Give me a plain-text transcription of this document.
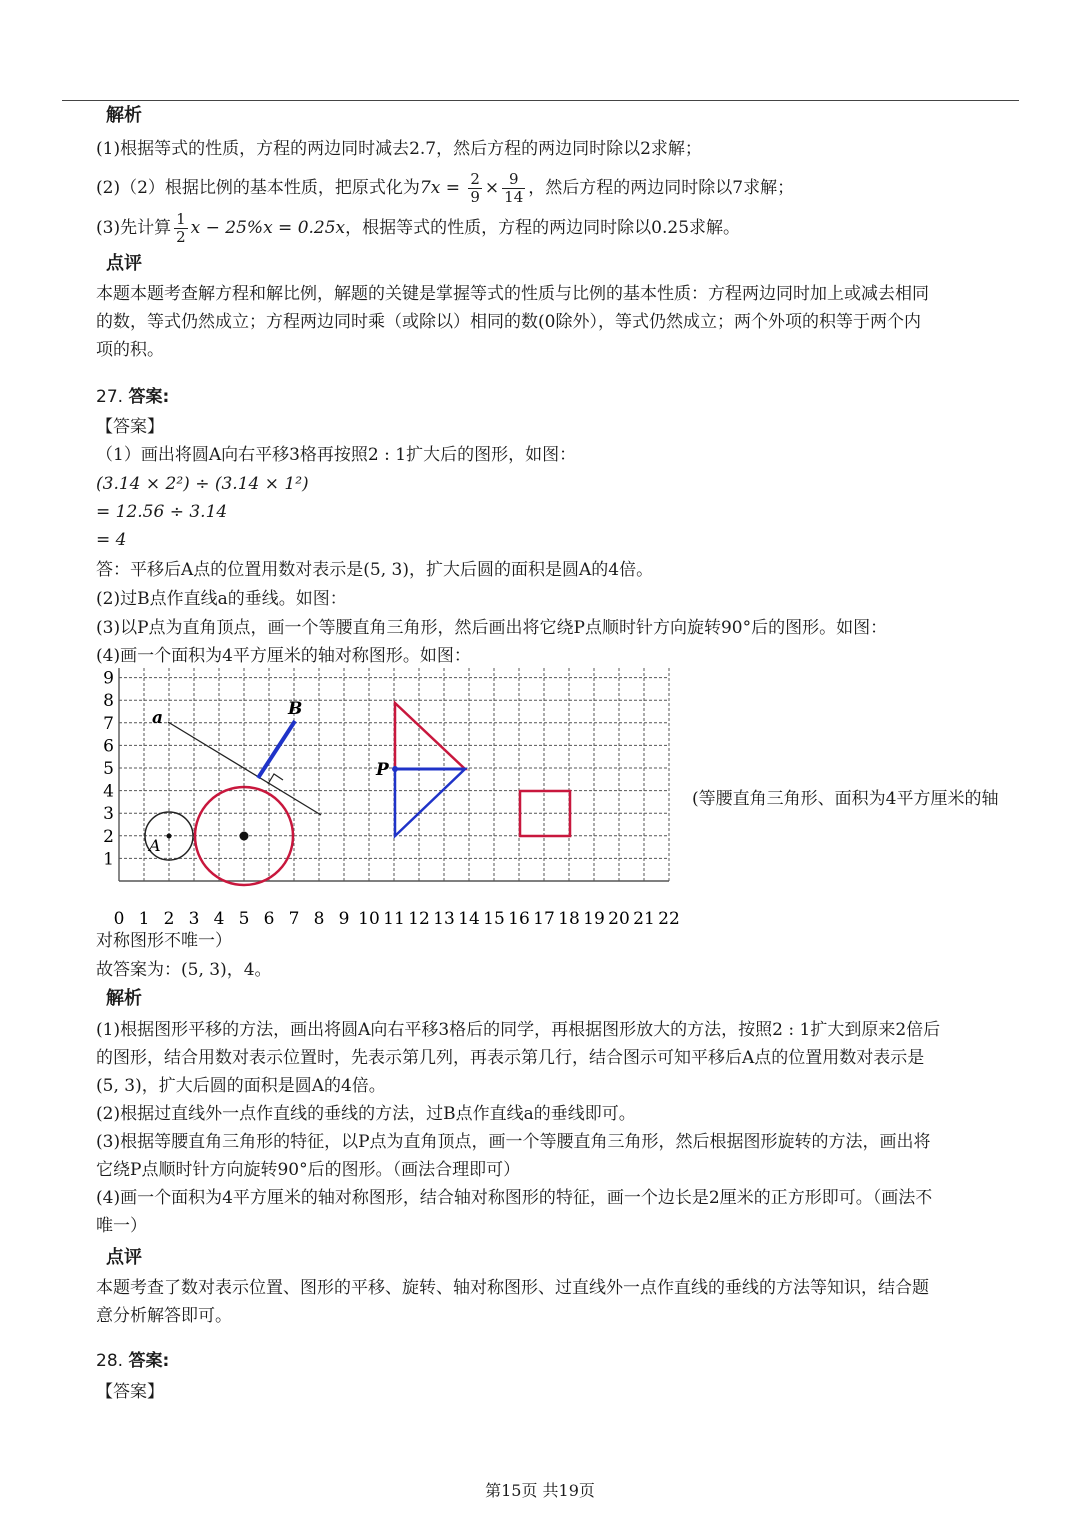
解析
(1)根据等式的性质，方程的两边同时减去2.7，然后方程的两边同时除以2求解；
(2)（2）根据比例的基本性质，把原式化为$7x = \frac{2}{9} \times \frac{9}{14}$ ，然后方程的两边同时除以7求解；
(3)先计算 $\frac{1}{2}$ x − 25%x = 0.25x，根据等式的性质，方程的两边同时除以0.25求解。
点评
本题本题考查解方程和解比例，解题的关键是掌握等式的性质与比例的基本性质：方程两边同时加上或减去相同
的数，等式仍然成立；方程两边同时乘（或除以）相同的数(0除外），等式仍然成立；两个外项的积等于两个内
项的积。
27. 答案:
【答案】
（1）画出将圆A向右平移3格再按照2 : 1扩大后的图形，如图：
(3.14 × 2²) ÷ (3.14 × 1²)
= 12.56 ÷ 3.14
= 4
答：平移后A点的位置用数对表示是(5, 3)，扩大后圆的面积是圆A的4倍。
(2)过B点作直线a的垂线。如图：
(3)以P点为直角顶点，画一个等腰直角三角形，然后画出将它绕P点顺时针方向旋转90°后的图形。如图：
(4)画一个面积为4平方厘米的轴对称图形。如图：
0 1 2 3 4 5 6 7 8 9 10 11 12 13 14 15 16 17 18 19 20 21 22
1
2
3
4
5
6
7
8
9
a	B
A
P
(等腰直角三角形、面积为4平方厘米的轴
对称图形不唯一）
故答案为：(5, 3)，4。
解析
(1)根据图形平移的方法，画出将圆A向右平移3格后的同学，再根据图形放大的方法，按照2 : 1扩大到原来2倍后
的图形，结合用数对表示位置时，先表示第几列，再表示第几行，结合图示可知平移后A点的位置用数对表示是
(5, 3)，扩大后圆的面积是圆A的4倍。
(2)根据过直线外一点作直线的垂线的方法，过B点作直线a的垂线即可。
(3)根据等腰直角三角形的特征，以P点为直角顶点，画一个等腰直角三角形，然后根据图形旋转的方法，画出将
它绕P点顺时针方向旋转90°后的图形。（画法合理即可）
(4)画一个面积为4平方厘米的轴对称图形，结合轴对称图形的特征，画一个边长是2厘米的正方形即可。（画法不
唯一）
点评
本题考查了数对表示位置、图形的平移、旋转、轴对称图形、过直线外一点作直线的垂线的方法等知识，结合题
意分析解答即可。
28. 答案:
【答案】
第15页 共19页
